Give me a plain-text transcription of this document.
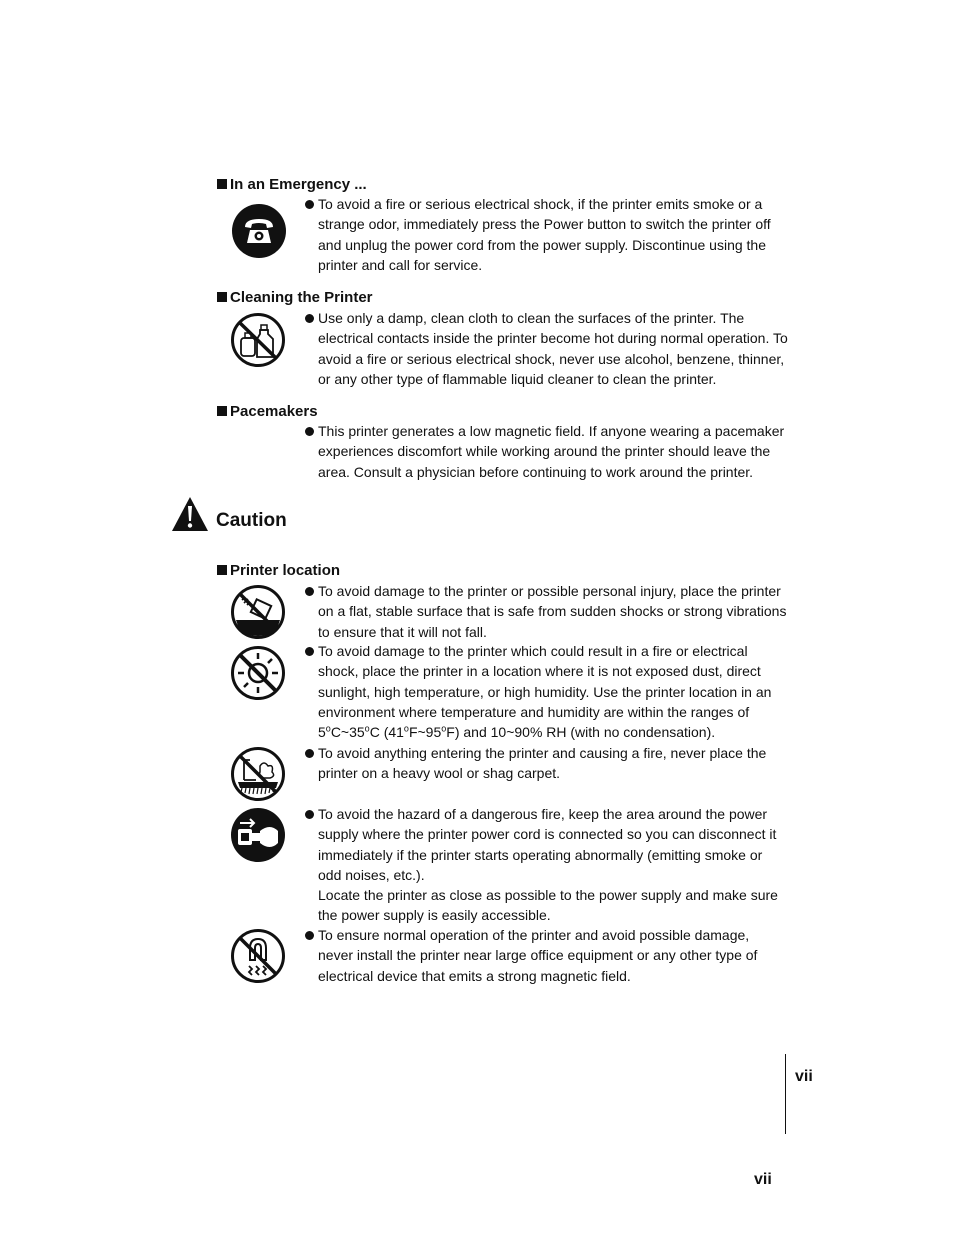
In an Emergency ...
To avoid a fire or serious electrical shock, if the printer emits smoke or a strange odor, immediately press the Power button to switch the printer off and unplug the power cord from the power supply. Discontinue using the printer and call for service.
Cleaning the Printer
Use only a damp, clean cloth to clean the surfaces of the printer. The electrical contacts inside the printer become hot during normal operation. To avoid a fire or serious electrical shock, never use alcohol, benzene, thinner, or any other type of flammable liquid cleaner to clean the printer.
Pacemakers
This printer generates a low magnetic field. If anyone wearing a pacemaker experiences discomfort while working around the printer should leave the area. Consult a physician before continuing to work around the printer.
Caution
Printer location
To avoid damage to the printer or possible personal injury, place the printer on a flat, stable surface that is safe from sudden shocks or strong vibrations to ensure that it will not fall.
To avoid damage to the printer which could result in a fire or electrical shock, place the printer in a location where it is not exposed dust, direct sunlight, high temperature, or high humidity. Use the printer location in an environment where temperature and humidity are within the ranges of 5$^o$C~35$^o$C (41$^o$F~95$^o$F) and 10~90% RH (with no condensation).
To avoid anything entering the printer and causing a fire, never place the printer on a heavy wool or shag carpet.
To avoid the hazard of a dangerous fire, keep the area around the power supply where the printer power cord is connected so you can disconnect it immediately if the printer starts operating abnormally (emitting smoke or odd noises, etc.).
Locate the printer as close as possible to the power supply and make sure the power supply is easily accessible.
To ensure normal operation of the printer and avoid possible damage, never install the printer near large office equipment or any other type of electrical device that emits a strong magnetic field.
vii
vii
